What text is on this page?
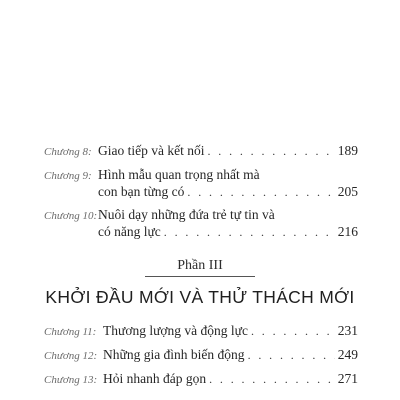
Chương 8: Giao tiếp và kết nối . . .	189
Chương 9: Hình mẫu quan trọng nhất mà
con bạn từng có . . .	205
Chương 10: Nuôi dạy những đứa trẻ tự tin và
có năng lực . . .	216
Phần III
KHỞI ĐẦU MỚI VÀ THỬ THÁCH MỚI
Chương 11: Thương lượng và động lực . . .	231
Chương 12: Những gia đình biến động . . .	249
Chương 13: Hỏi nhanh đáp gọn . . .	271
